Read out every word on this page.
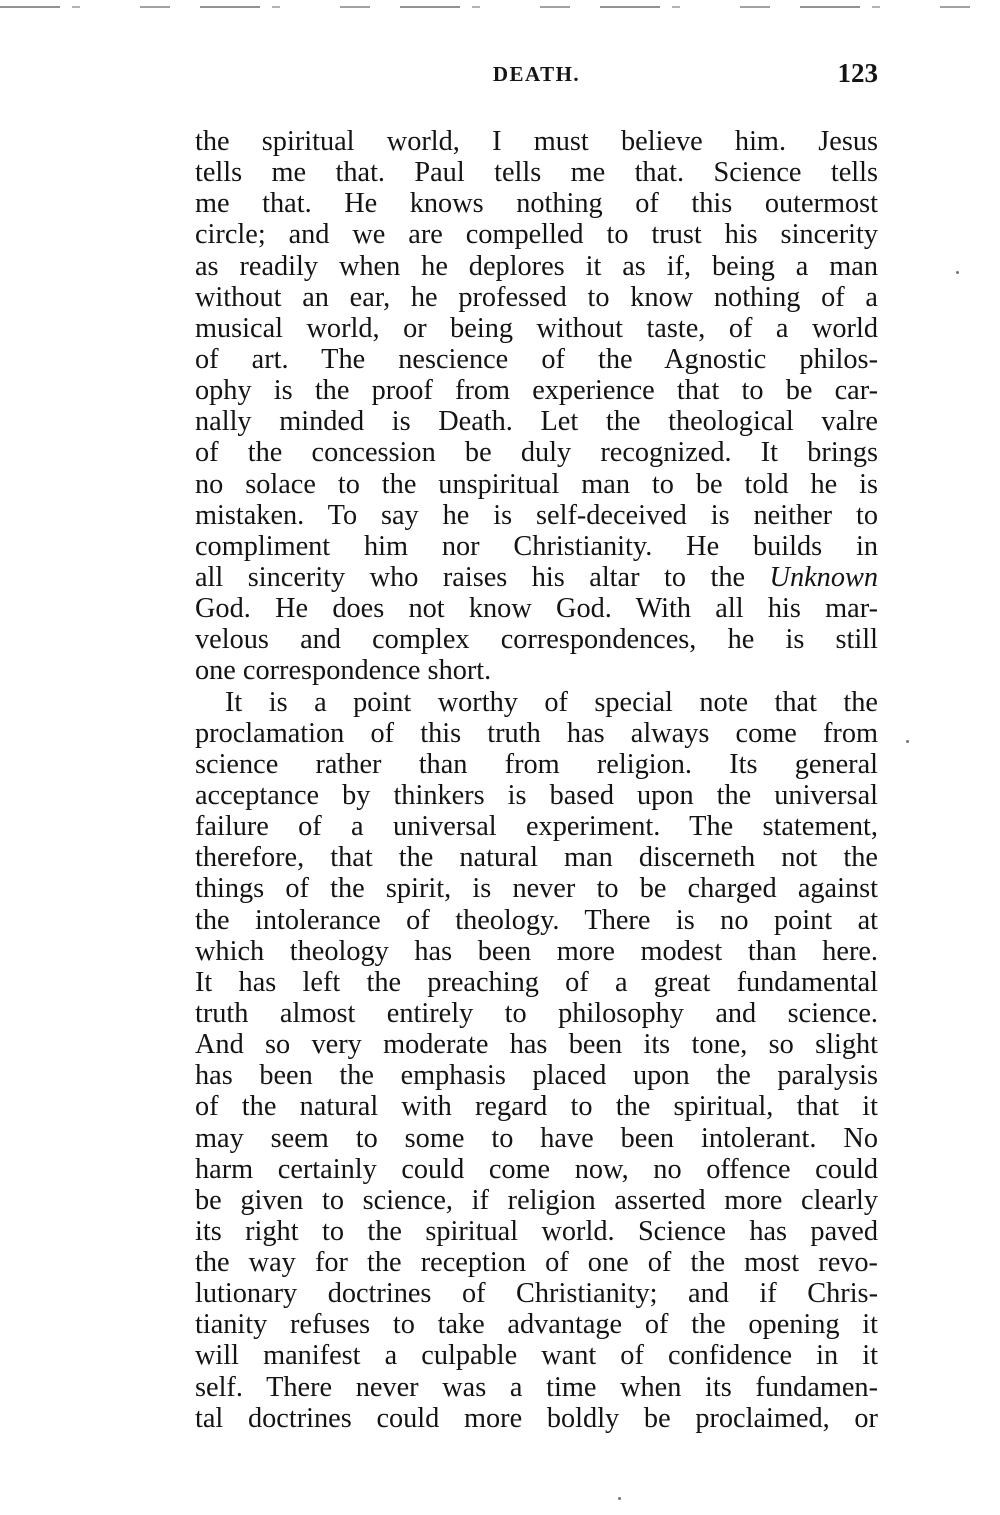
DEATH.	123
the spiritual world, I must believe him. Jesus
tells me that. Paul tells me that. Science tells
me that. He knows nothing of this outermost
circle; and we are compelled to trust his sincerity
as readily when he deplores it as if, being a man
without an ear, he professed to know nothing of a
musical world, or being without taste, of a world
of art. The nescience of the Agnostic philos-
ophy is the proof from experience that to be car-
nally minded is Death. Let the theological valre
of the concession be duly recognized. It brings
no solace to the unspiritual man to be told he is
mistaken. To say he is self-deceived is neither to
compliment him nor Christianity. He builds in
all sincerity who raises his altar to the Unknown
God. He does not know God. With all his mar-
velous and complex correspondences, he is still
one correspondence short.
It is a point worthy of special note that the
proclamation of this truth has always come from
science rather than from religion. Its general
acceptance by thinkers is based upon the universal
failure of a universal experiment. The statement,
therefore, that the natural man discerneth not the
things of the spirit, is never to be charged against
the intolerance of theology. There is no point at
which theology has been more modest than here.
It has left the preaching of a great fundamental
truth almost entirely to philosophy and science.
And so very moderate has been its tone, so slight
has been the emphasis placed upon the paralysis
of the natural with regard to the spiritual, that it
may seem to some to have been intolerant. No
harm certainly could come now, no offence could
be given to science, if religion asserted more clearly
its right to the spiritual world. Science has paved
the way for the reception of one of the most revo-
lutionary doctrines of Christianity; and if Chris-
tianity refuses to take advantage of the opening it
will manifest a culpable want of confidence in it
self. There never was a time when its fundamen-
tal doctrines could more boldly be proclaimed, or
